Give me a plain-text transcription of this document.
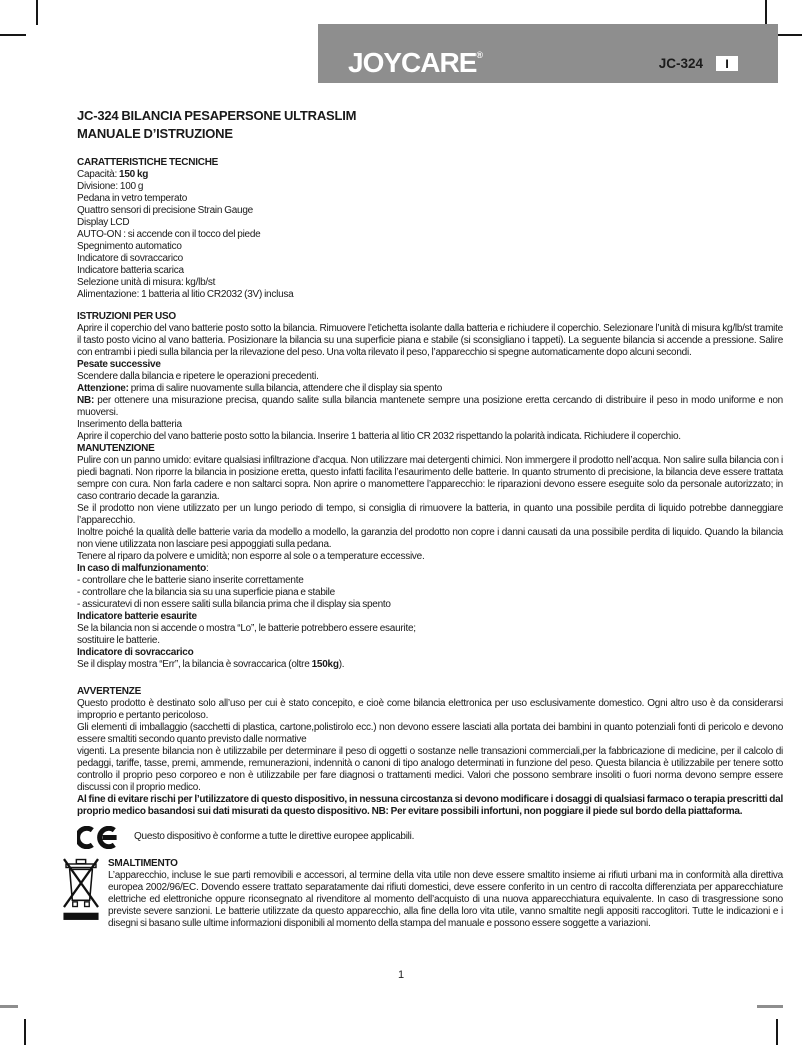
JOYCARE®
JC-324 I
JC-324 BILANCIA PESAPERSONE ULTRASLIM
MANUALE D’ISTRUZIONE
CARATTERISTICHE TECNICHE
Capacità: 150 kg
Divisione: 100 g
Pedana in vetro temperato
Quattro sensori di precisione Strain Gauge
Display LCD
AUTO-ON : si accende con il tocco del piede
Spegnimento automatico
Indicatore di sovraccarico
Indicatore batteria scarica
Selezione unità di misura: kg/lb/st
Alimentazione: 1 batteria al litio CR2032 (3V) inclusa
ISTRUZIONI PER USO
Aprire il coperchio del vano batterie posto sotto la bilancia. Rimuovere l’etichetta isolante dalla batteria e richiudere il coperchio. Selezionare l’unità di misura kg/lb/st tramite il tasto posto vicino al vano batteria. Posizionare la bilancia su una superficie piana e stabile (si sconsigliano i tappeti). La seguente bilancia si accende a pressione. Salire con entrambi i piedi sulla bilancia per la rilevazione del peso. Una volta rilevato il peso, l’apparecchio si spegne automaticamente dopo alcuni secondi.
Pesate successive
Scendere dalla bilancia e ripetere le operazioni precedenti.
Attenzione: prima di salire nuovamente sulla bilancia, attendere che il display sia spento
NB: per ottenere una misurazione precisa, quando salite sulla bilancia mantenete sempre una posizione eretta cercando di distribuire il peso in modo uniforme e non muoversi.
Inserimento della batteria
Aprire il coperchio del vano batterie posto sotto la bilancia. Inserire 1 batteria al litio CR 2032 rispettando la polarità indicata. Richiudere il coperchio.
MANUTENZIONE
Pulire con un panno umido: evitare qualsiasi infiltrazione d’acqua. Non utilizzare mai detergenti chimici. Non immergere il prodotto nell’acqua. Non salire sulla bilancia con i piedi bagnati. Non riporre la bilancia in posizione eretta, questo infatti facilita l’esaurimento delle batterie. In quanto strumento di precisione, la bilancia deve essere trattata sempre con cura. Non farla cadere e non saltarci sopra. Non aprire o manomettere l’apparecchio: le riparazioni devono essere eseguite solo da personale autorizzato; in caso contrario decade la garanzia.
Se il prodotto non viene utilizzato per un lungo periodo di tempo, si consiglia di rimuovere la batteria, in quanto una possibile perdita di liquido potrebbe danneggiare l’apparecchio.
Inoltre poiché la qualità delle batterie varia da modello a modello, la garanzia del prodotto non copre i danni causati da una possibile perdita di liquido. Quando la bilancia non viene utilizzata non lasciare pesi appoggiati sulla pedana.
Tenere al riparo da polvere e umidità; non esporre al sole o a temperature eccessive.
In caso di malfunzionamento:
- controllare che le batterie siano inserite correttamente
- controllare che la bilancia sia su una superficie piana e stabile
- assicuratevi di non essere saliti sulla bilancia prima che il display sia spento
Indicatore batterie esaurite
Se la bilancia non si accende o mostra “Lo”, le batterie potrebbero essere esaurite;
sostituire le batterie.
Indicatore di sovraccarico
Se il display mostra “Err”, la bilancia è sovraccarica (oltre 150kg).
AVVERTENZE
Questo prodotto è destinato solo all’uso per cui è stato concepito, e cioè come bilancia elettronica per uso esclusivamente domestico. Ogni altro uso è da considerarsi improprio e pertanto pericoloso.
Gli elementi di imballaggio (sacchetti di plastica, cartone,polistirolo ecc.) non devono essere lasciati alla portata dei bambini in quanto potenziali fonti di pericolo e devono essere smaltiti secondo quanto previsto dalle normative
vigenti. La presente bilancia non è utilizzabile per determinare il peso di oggetti o sostanze nelle transazioni commerciali,per la fabbricazione di medicine, per il calcolo di pedaggi, tariffe, tasse, premi, ammende, remunerazioni, indennità o canoni di tipo analogo determinati in funzione del peso. Questa bilancia è utilizzabile per tenere sotto controllo il proprio peso corporeo e non è utilizzabile per fare diagnosi o trattamenti medici. Valori che possono sembrare insoliti o fuori norma devono sempre essere discussi con il proprio medico.
Al fine di evitare rischi per l’utilizzatore di questo dispositivo, in nessuna circostanza si devono modificare i dosaggi di qualsiasi farmaco o terapia prescritti dal proprio medico basandosi sui dati misurati da questo dispositivo. NB: Per evitare possibili infortuni, non poggiare il piede sul bordo della piattaforma.
Questo dispositivo è conforme a tutte le direttive europee applicabili.
SMALTIMENTO
L’apparecchio, incluse le sue parti removibili e accessori, al termine della vita utile non deve essere smaltito insieme ai rifiuti urbani ma in conformità alla direttiva europea 2002/96/EC. Dovendo essere trattato separatamente dai rifiuti domestici, deve essere conferito in un centro di raccolta differenziata per apparecchiature elettriche ed elettroniche oppure riconsegnato al rivenditore al momento dell’acquisto di una nuova apparecchiatura equivalente. In caso di trasgressione sono previste severe sanzioni. Le batterie utilizzate da questo apparecchio, alla fine della loro vita utile, vanno smaltite negli appositi raccoglitori. Tutte le indicazioni e i disegni si basano sulle ultime informazioni disponibili al momento della stampa del manuale e possono essere soggette a variazioni.
1
